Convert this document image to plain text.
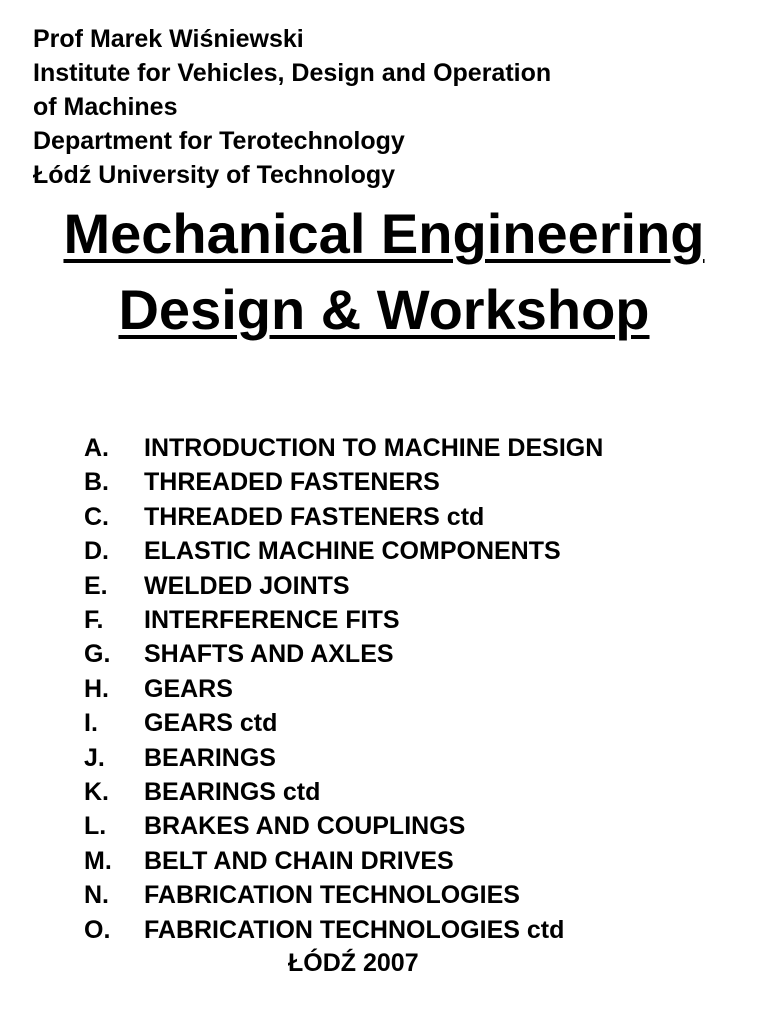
Prof Marek Wiśniewski
Institute for Vehicles, Design and Operation
of Machines
Department for Terotechnology
Łódź University of Technology
Mechanical Engineering
Design & Workshop
A.	INTRODUCTION TO MACHINE DESIGN
B.	THREADED FASTENERS
C.	THREADED FASTENERS ctd
D.	ELASTIC MACHINE COMPONENTS
E.	WELDED JOINTS
F.	INTERFERENCE FITS
G.	SHAFTS AND AXLES
H.	GEARS
I.	GEARS ctd
J.	BEARINGS
K.	BEARINGS ctd
L.	BRAKES AND COUPLINGS
M.	BELT AND CHAIN DRIVES
N.	FABRICATION TECHNOLOGIES
O.	FABRICATION TECHNOLOGIES ctd
ŁÓDŹ 2007
